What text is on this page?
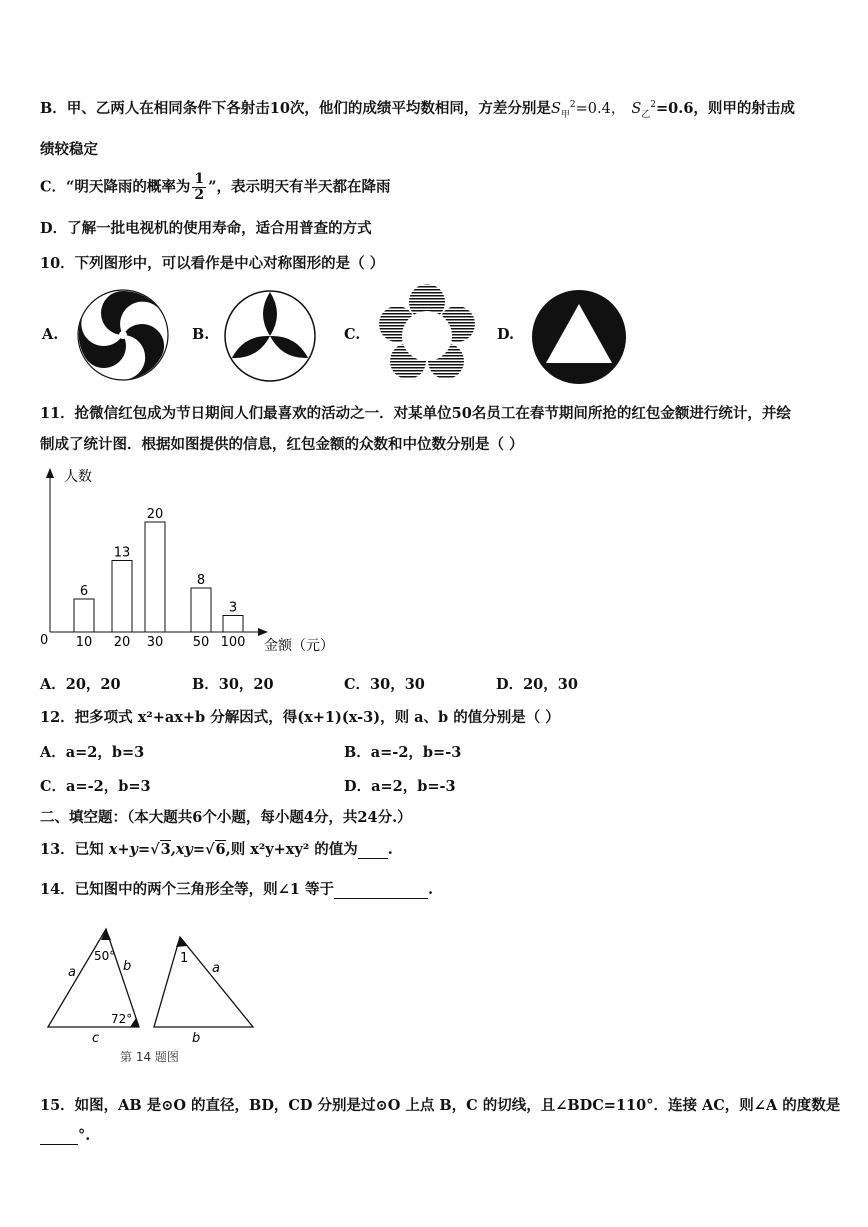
B．甲、乙两人在相同条件下各射击10次，他们的成绩平均数相同，方差分别是$S_甲^2=0.4$， $S_乙^2=0.6$，则甲的射击成
绩较稳定
C．“明天降雨的概率为 $\frac{1}{2}$ ”，表示明天有半天都在降雨
D．了解一批电视机的使用寿命，适合用普查的方式
10．下列图形中，可以看作是中心对称图形的是（ ）
A.	B.	C.	D.
11．抢微信红包成为节日期间人们最喜欢的活动之一．对某单位50名员工在春节期间所抢的红包金额进行统计，并绘
制成了统计图．根据如图提供的信息，红包金额的众数和中位数分别是（ ）
人数
金额（元）
0
6
10
13
20
20
30
8
50
3
100
A．20，20	B．30，20	C．30，30	D．20，30
12．把多项式 x²+ax+b 分解因式，得(x+1)(x-3)，则 a、b 的值分别是（ ）
A．a=2，b=3	B．a=-2，b=-3
C．a=-2，b=3	D．a=2，b=-3
二、填空题：（本大题共6个小题，每小题4分，共24分.）
13．已知 x+y=√3,xy=√6,则 x²y+xy² 的值为 .
14．已知图中的两个三角形全等，则∠1 等于	.
50°
72°
a	b
c
1
a
b
第 14 题图
15．如图，AB 是⊙O 的直径，BD，CD 分别是过⊙O 上点 B，C 的切线，且∠BDC=110°．连接 AC，则∠A 的度数是
°.
